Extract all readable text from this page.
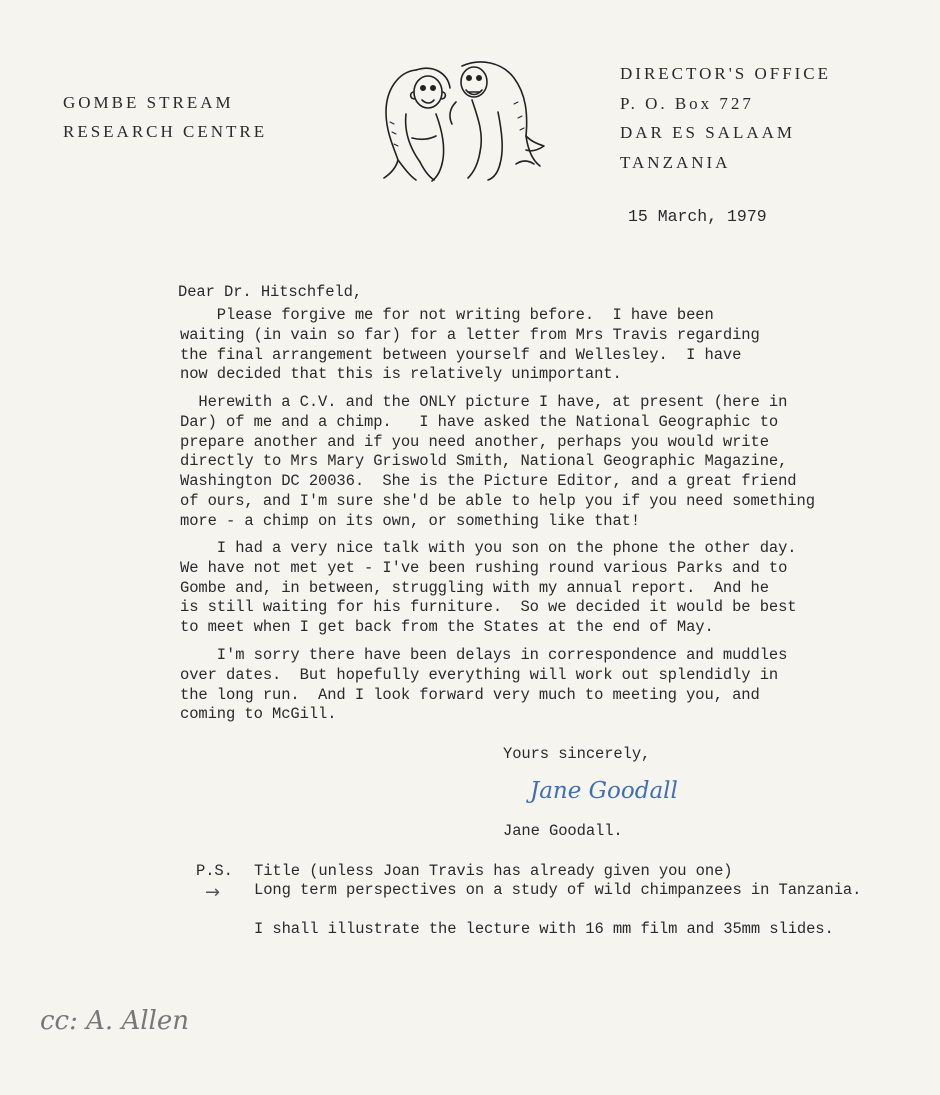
GOMBE STREAM
RESEARCH CENTRE
DIRECTOR'S OFFICE
P. O. Box 727
DAR ES SALAAM
TANZANIA
15 March, 1979
Dear Dr. Hitschfeld,
Please forgive me for not writing before.  I have been
waiting (in vain so far) for a letter from Mrs Travis regarding
the final arrangement between yourself and Wellesley.  I have
now decided that this is relatively unimportant.
Herewith a C.V. and the ONLY picture I have, at present (here in
Dar) of me and a chimp.   I have asked the National Geographic to
prepare another and if you need another, perhaps you would write
directly to Mrs Mary Griswold Smith, National Geographic Magazine,
Washington DC 20036.  She is the Picture Editor, and a great friend
of ours, and I'm sure she'd be able to help you if you need something
more - a chimp on its own, or something like that!
I had a very nice talk with you son on the phone the other day.
We have not met yet - I've been rushing round various Parks and to
Gombe and, in between, struggling with my annual report.  And he
is still waiting for his furniture.  So we decided it would be best
to meet when I get back from the States at the end of May.
I'm sorry there have been delays in correspondence and muddles
over dates.  But hopefully everything will work out splendidly in
the long run.  And I look forward very much to meeting you, and
coming to McGill.
Yours sincerely,
Jane Goodall
Jane Goodall.
P.S. Title (unless Joan Travis has already given you one)
→ Long term perspectives on a study of wild chimpanzees in Tanzania.
I shall illustrate the lecture with 16 mm film and 35mm slides.
cc: A. Allen
